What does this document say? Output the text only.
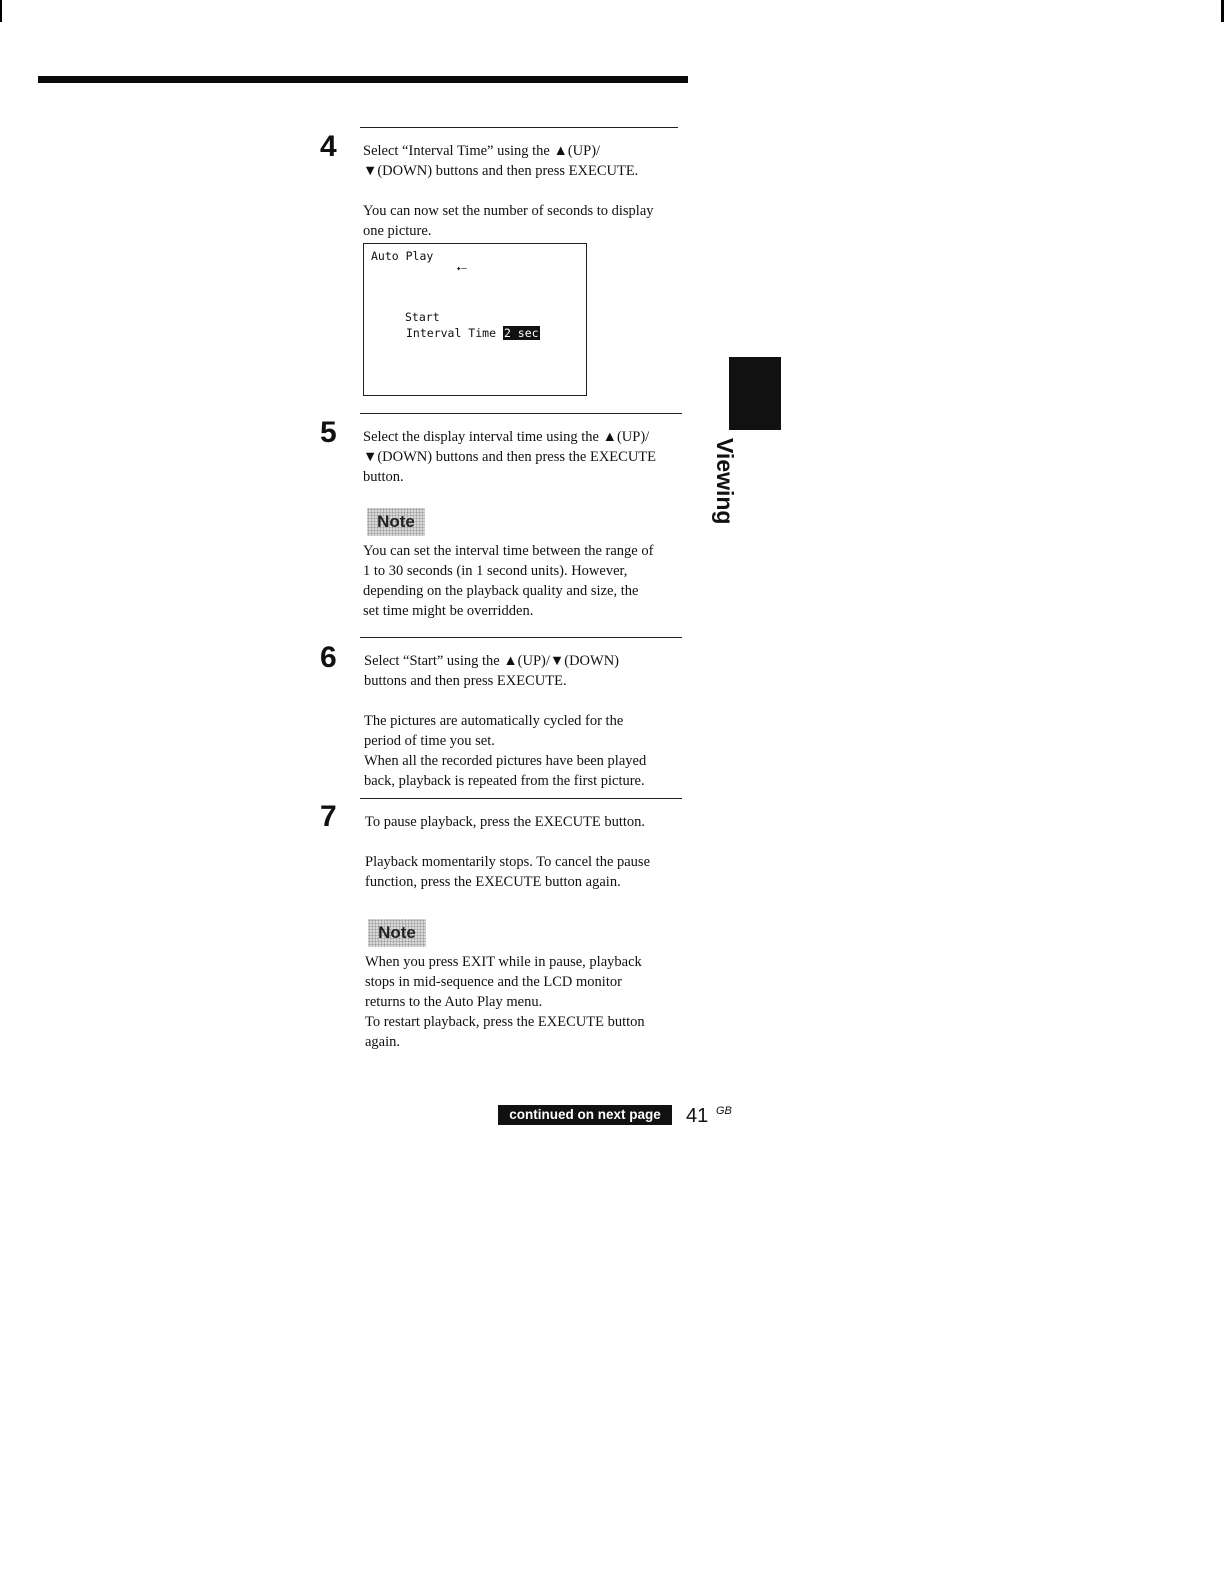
4 Select “Interval Time” using the ▲(UP)/
▼(DOWN) buttons and then press EXECUTE.

You can now set the number of seconds to display
one picture.

Auto Play
✦—
Start
Interval Time 2 sec
5 Select the display interval time using the ▲(UP)/
▼(DOWN) buttons and then press the EXECUTE
button.

Note

You can set the interval time between the range of
1 to 30 seconds (in 1 second units). However,
depending on the playback quality and size, the
set time might be overridden.

6 Select “Start” using the ▲(UP)/▼(DOWN)
buttons and then press EXECUTE.

The pictures are automatically cycled for the
period of time you set.
When all the recorded pictures have been played
back, playback is repeated from the first picture.

7 To pause playback, press the EXECUTE button.

Playback momentarily stops. To cancel the pause
function, press the EXECUTE button again.

Note

When you press EXIT while in pause, playback
stops in mid-sequence and the LCD monitor
returns to the Auto Play menu.
To restart playback, press the EXECUTE button
again.

Viewing
continued on next page	41 GB
